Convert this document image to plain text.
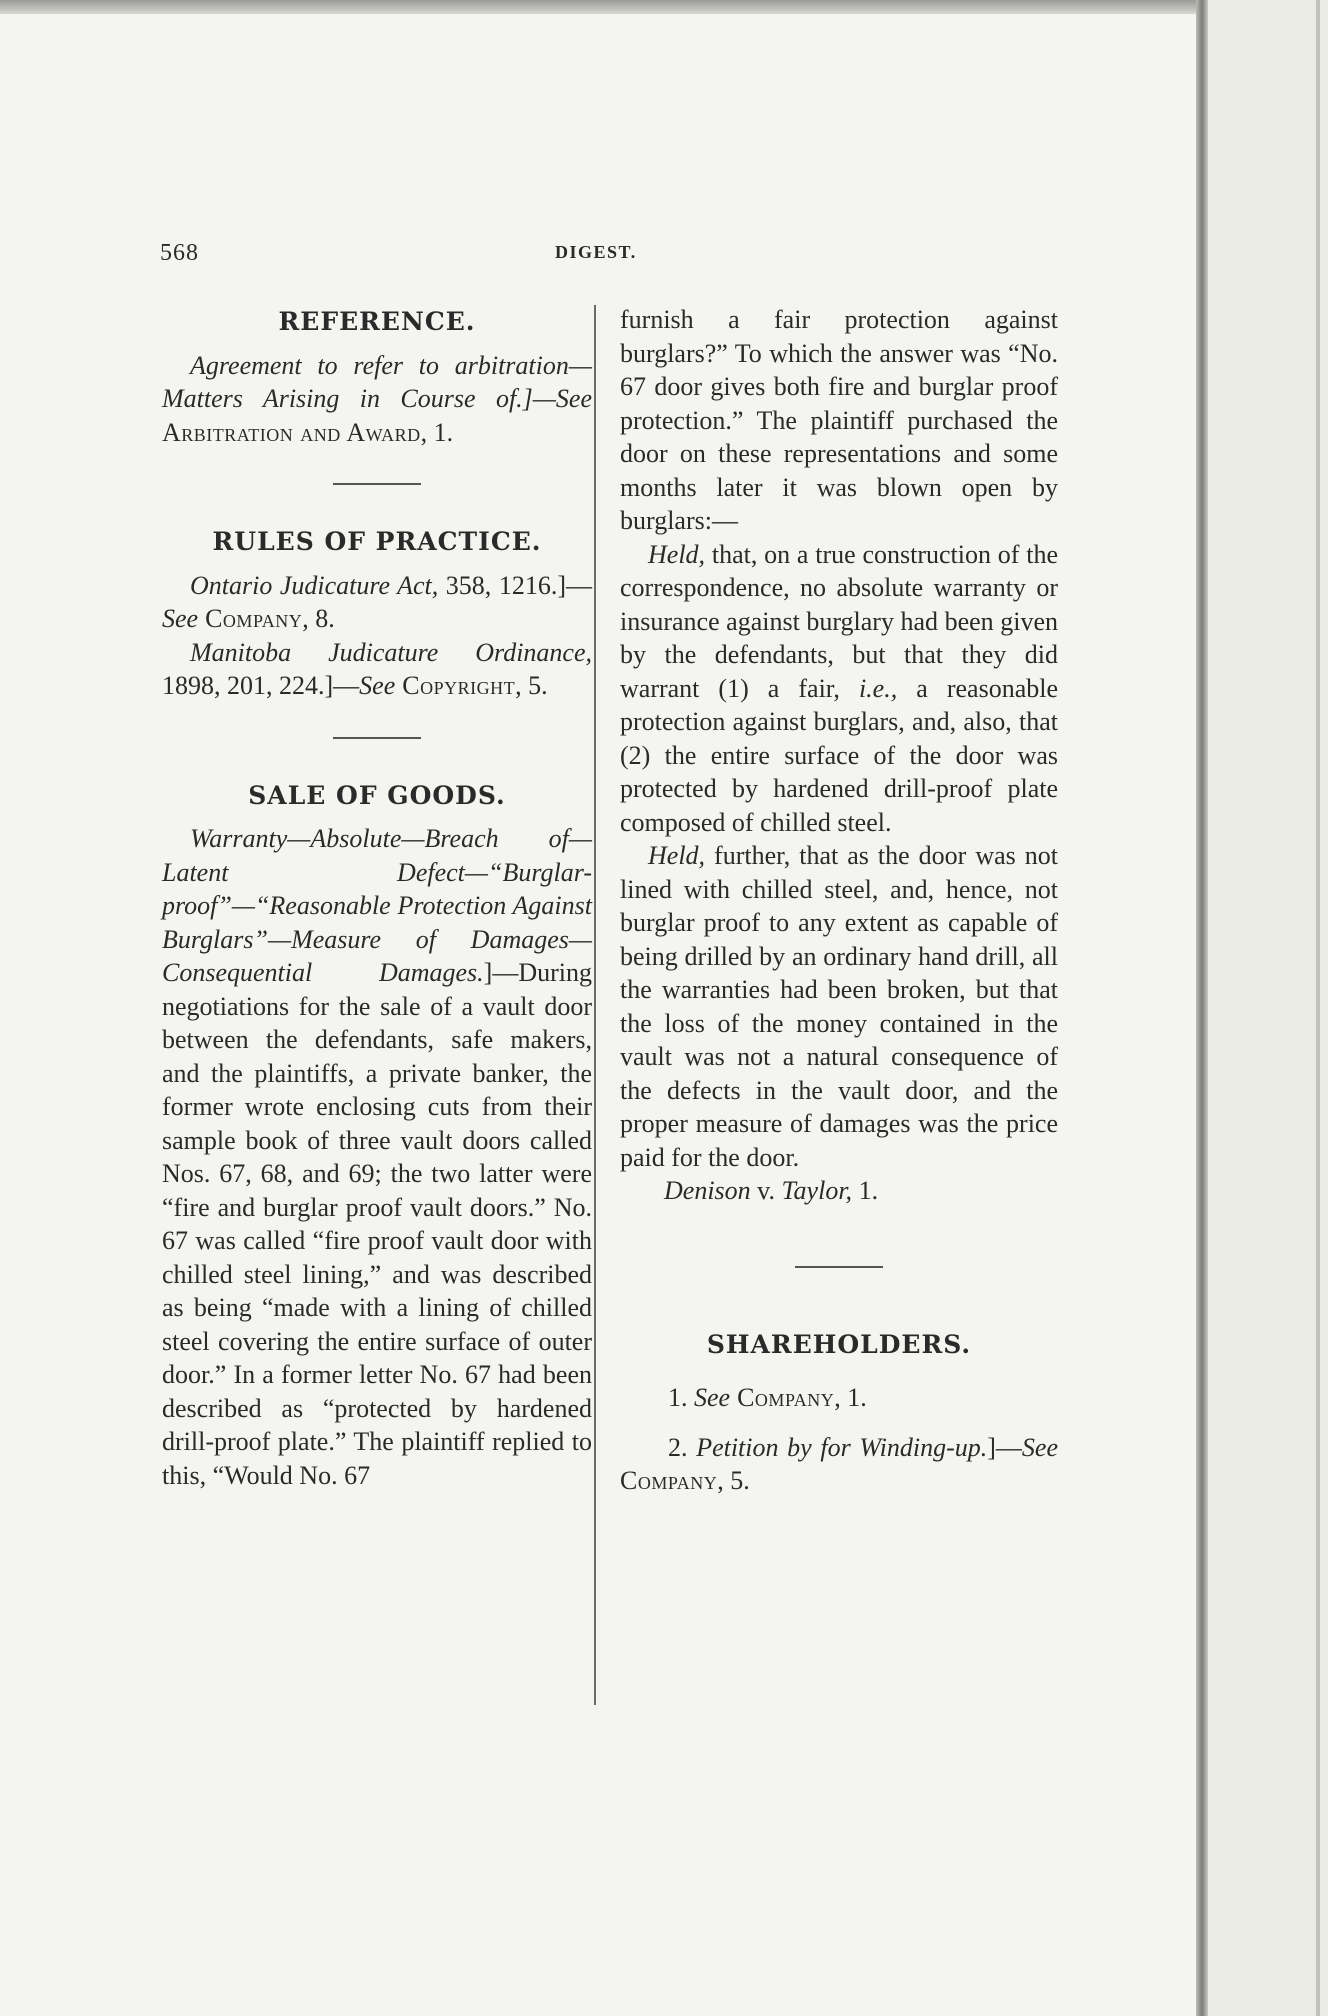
568	DIGEST.
REFERENCE.

Agreement to refer to arbitration—Matters Arising in Course of.]—See Arbitration and Award, 1.

RULES OF PRACTICE.

Ontario Judicature Act, 358, 1216.]—See Company, 8.

Manitoba Judicature Ordinance, 1898, 201, 224.]—See Copyright, 5.

SALE OF GOODS.

Warranty—Absolute—Breach of—Latent Defect—“Burglar-proof”—“Reasonable Protection Against Burglars”—Measure of Damages—Consequential Damages.]—During negotiations for the sale of a vault door between the defendants, safe makers, and the plaintiffs, a private banker, the former wrote enclosing cuts from their sample book of three vault doors called Nos. 67, 68, and 69; the two latter were “fire and burglar proof vault doors.” No. 67 was called “fire proof vault door with chilled steel lining,” and was described as being “made with a lining of chilled steel covering the entire surface of outer door.” In a former letter No. 67 had been described as “protected by hardened drill-proof plate.” The plaintiff replied to this, “Would No. 67

furnish a fair protection against burglars?” To which the answer was “No. 67 door gives both fire and burglar proof protection.” The plaintiff purchased the door on these representations and some months later it was blown open by burglars:—

Held, that, on a true construction of the correspondence, no absolute warranty or insurance against burglary had been given by the defendants, but that they did warrant (1) a fair, i.e., a reasonable protection against burglars, and, also, that (2) the entire surface of the door was protected by hardened drill-proof plate composed of chilled steel.

Held, further, that as the door was not lined with chilled steel, and, hence, not burglar proof to any extent as capable of being drilled by an ordinary hand drill, all the warranties had been broken, but that the loss of the money contained in the vault was not a natural consequence of the defects in the vault door, and the proper measure of damages was the price paid for the door.

Denison v. Taylor, 1.

SHAREHOLDERS.

1. See Company, 1.

2. Petition by for Winding-up.]—See Company, 5.
